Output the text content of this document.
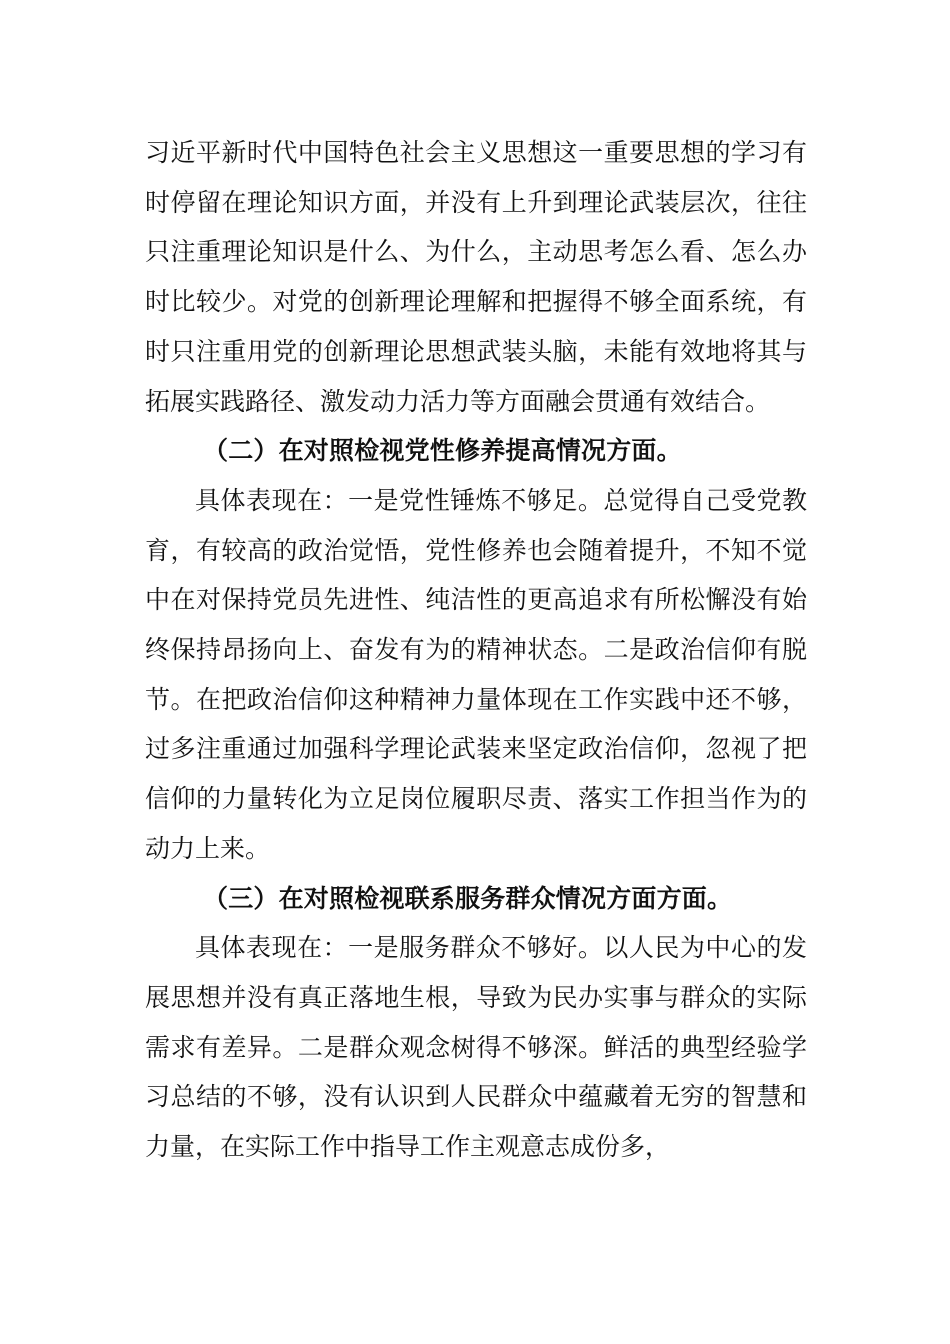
习近平新时代中国特色社会主义思想这一重要思想的学习有时停留在理论知识方面，并没有上升到理论武装层次，往往只注重理论知识是什么、为什么，主动思考怎么看、怎么办时比较少。对党的创新理论理解和把握得不够全面系统，有时只注重用党的创新理论思想武装头脑，未能有效地将其与拓展实践路径、激发动力活力等方面融会贯通有效结合。

（二）在对照检视党性修养提高情况方面。

具体表现在：一是党性锤炼不够足。总觉得自己受党教育，有较高的政治觉悟，党性修养也会随着提升，不知不觉中在对保持党员先进性、纯洁性的更高追求有所松懈没有始终保持昂扬向上、奋发有为的精神状态。二是政治信仰有脱节。在把政治信仰这种精神力量体现在工作实践中还不够，过多注重通过加强科学理论武装来坚定政治信仰，忽视了把信仰的力量转化为立足岗位履职尽责、落实工作担当作为的动力上来。

（三）在对照检视联系服务群众情况方面方面。

具体表现在：一是服务群众不够好。以人民为中心的发展思想并没有真正落地生根，导致为民办实事与群众的实际需求有差异。二是群众观念树得不够深。鲜活的典型经验学习总结的不够，没有认识到人民群众中蕴藏着无穷的智慧和力量，在实际工作中指导工作主观意志成份多，
